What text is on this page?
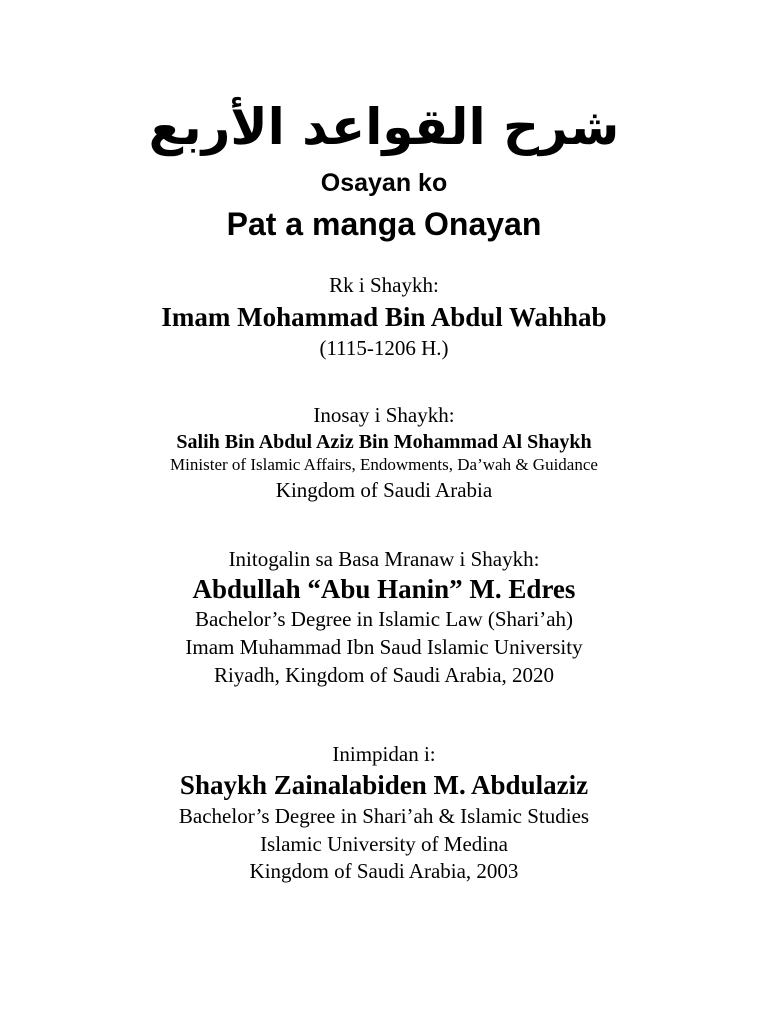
شرح القواعد الأربع
Osayan ko
Pat a manga Onayan
Rk i Shaykh:
Imam Mohammad Bin Abdul Wahhab
(1115-1206 H.)
Inosay i Shaykh:
Salih Bin Abdul Aziz Bin Mohammad Al Shaykh
Minister of Islamic Affairs, Endowments, Da’wah & Guidance
Kingdom of Saudi Arabia
Initogalin sa Basa Mranaw i Shaykh:
Abdullah “Abu Hanin” M. Edres
Bachelor’s Degree in Islamic Law (Shari’ah)
Imam Muhammad Ibn Saud Islamic University
Riyadh, Kingdom of Saudi Arabia, 2020
Inimpidan i:
Shaykh Zainalabiden M. Abdulaziz
Bachelor’s Degree in Shari’ah & Islamic Studies
Islamic University of Medina
Kingdom of Saudi Arabia, 2003
